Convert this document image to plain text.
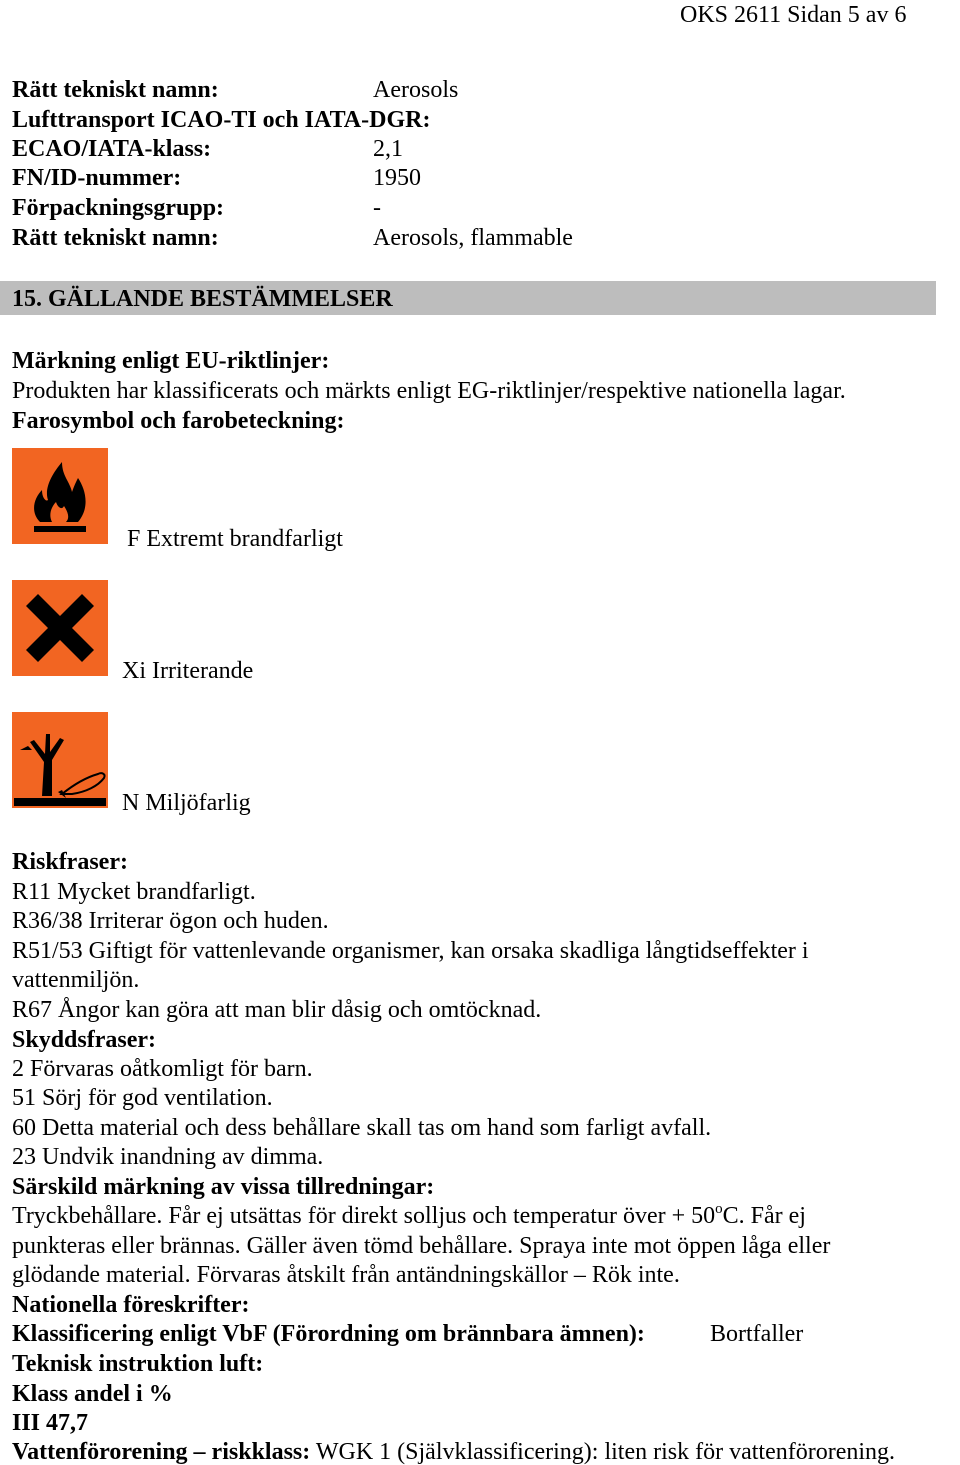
OKS 2611 Sidan 5 av 6
Rätt tekniskt namn:	Aerosols
Lufttransport ICAO-TI och IATA-DGR:
ECAO/IATA-klass:	2,1
FN/ID-nummer:	1950
Förpackningsgrupp:	-
Rätt tekniskt namn:	Aerosols, flammable
15. GÄLLANDE BESTÄMMELSER
Märkning enligt EU-riktlinjer:
Produkten har klassificerats och märkts enligt EG-riktlinjer/respektive nationella lagar.
Farosymbol och farobeteckning:
F Extremt brandfarligt
Xi Irriterande
N Miljöfarlig
Riskfraser:
R11 Mycket brandfarligt.
R36/38 Irriterar ögon och huden.
R51/53 Giftigt för vattenlevande organismer, kan orsaka skadliga långtidseffekter i
vattenmiljön.
R67 Ångor kan göra att man blir dåsig och omtöcknad.
Skyddsfraser:
2 Förvaras oåtkomligt för barn.
51 Sörj för god ventilation.
60 Detta material och dess behållare skall tas om hand som farligt avfall.
23 Undvik inandning av dimma.
Särskild märkning av vissa tillredningar:
Tryckbehållare. Får ej utsättas för direkt solljus och temperatur över + $50^oC$. Får ej
punkteras eller brännas. Gäller även tömd behållare. Spraya inte mot öppen låga eller
glödande material. Förvaras åtskilt från antändningskällor – Rök inte.
Nationella föreskrifter:
Klassificering enligt VbF (Förordning om brännbara ämnen):	Bortfaller
Teknisk instruktion luft:
Klass andel i %
III 47,7
Vattenförorening – riskklass: WGK 1 (Självklassificering): liten risk för vattenförorening.
